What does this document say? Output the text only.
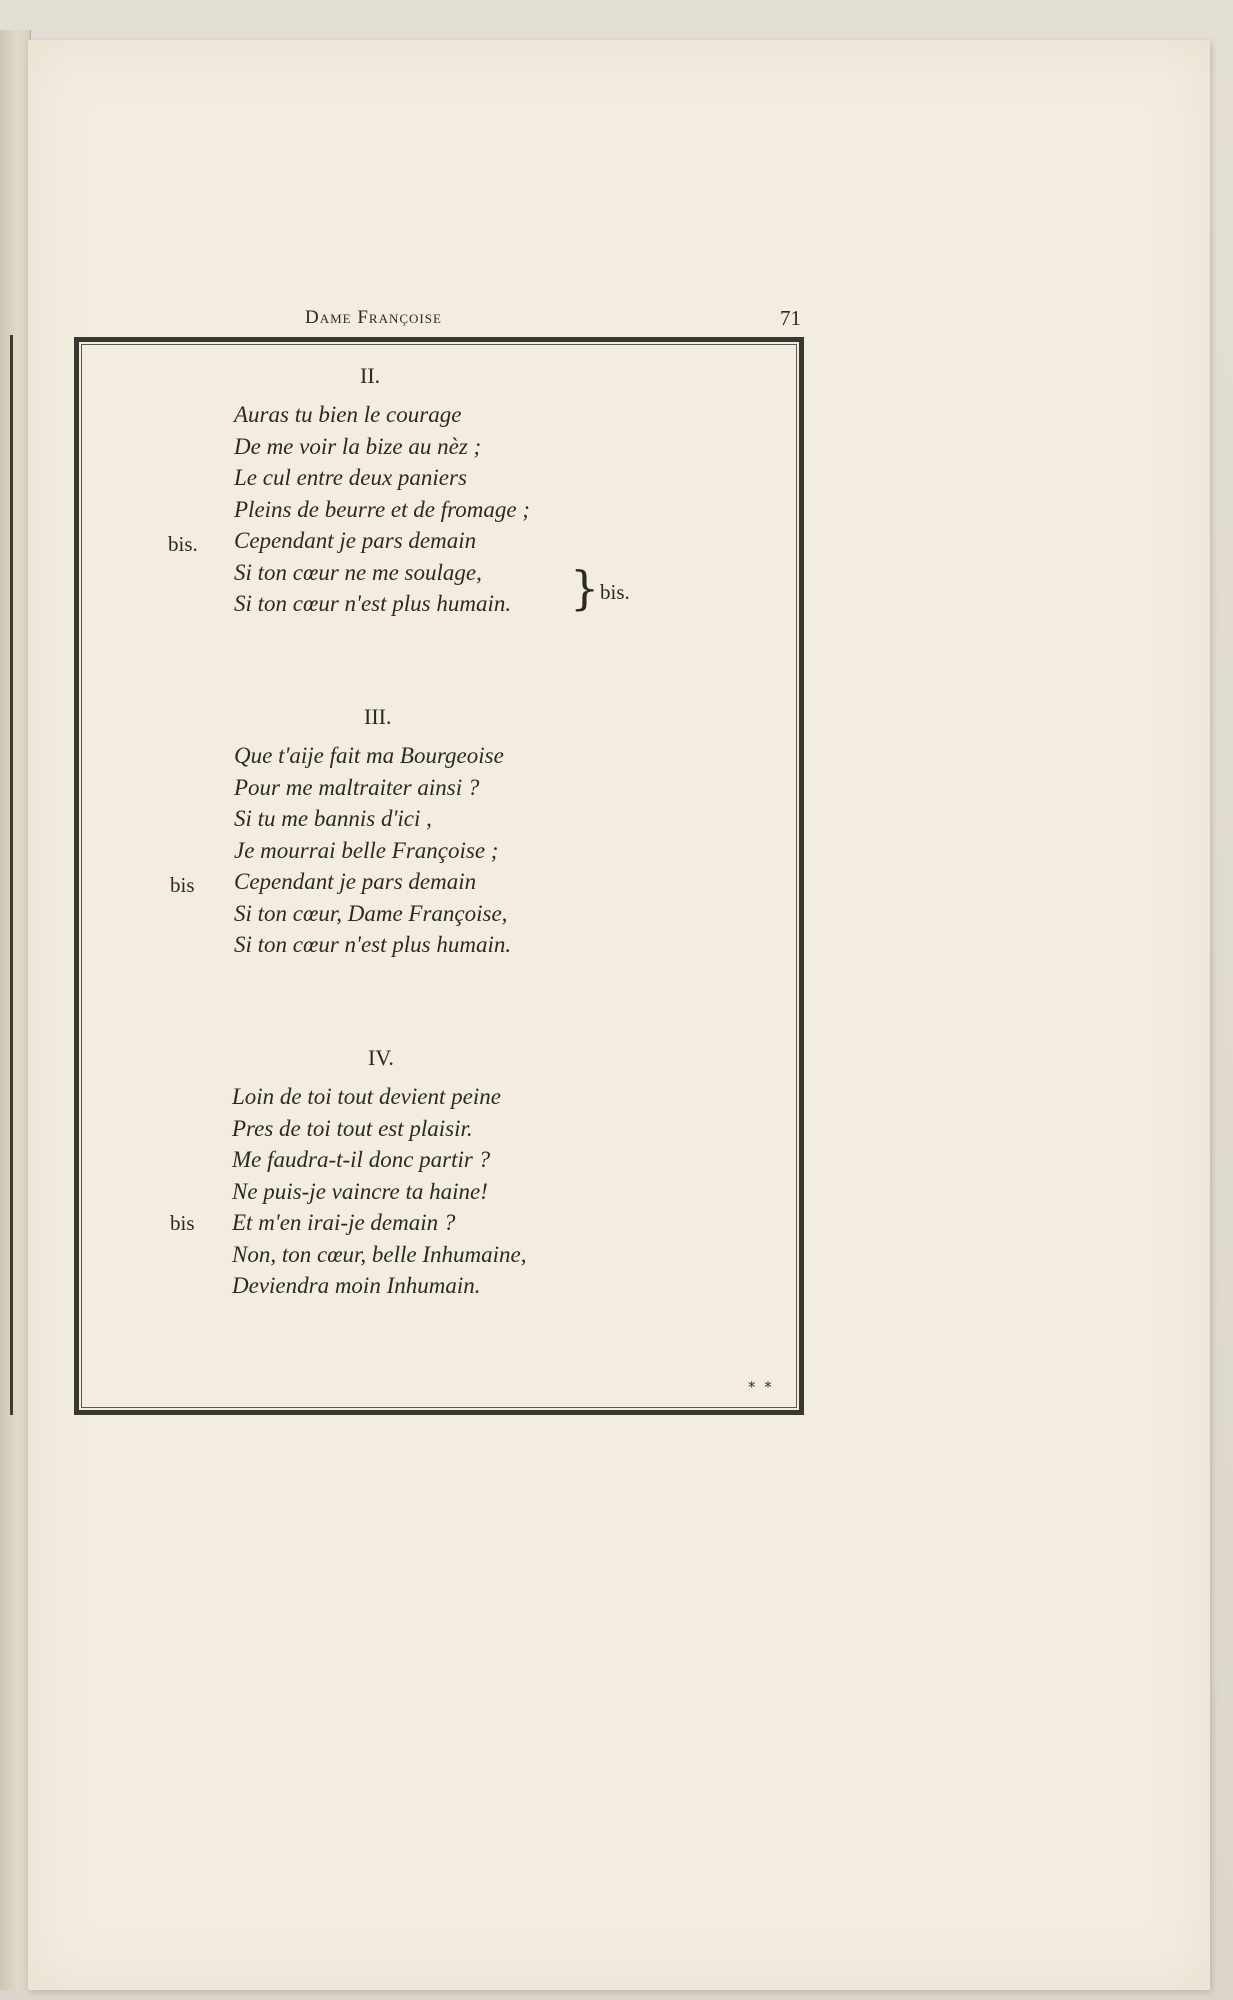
Dame Françoise	71
II.
Auras tu bien le courage
De me voir la bize au nèz ;
Le cul entre deux paniers
Pleins de beurre et de fromage ;
Cependant je pars demain
Si ton cœur ne me soulage,
Si ton cœur n'est plus humain.
bis.
} bis.
III.
Que t'aije fait ma Bourgeoise
Pour me maltraiter ainsi ?
Si tu me bannis d'ici ,
Je mourrai belle Françoise ;
Cependant je pars demain
Si ton cœur, Dame Françoise,
Si ton cœur n'est plus humain.
bis
IV.
Loin de toi tout devient peine
Pres de toi tout est plaisir.
Me faudra-t-il donc partir ?
Ne puis-je vaincre ta haine!
Et m'en irai-je demain ?
Non, ton cœur, belle Inhumaine,
Deviendra moin Inhumain.
bis
* *
